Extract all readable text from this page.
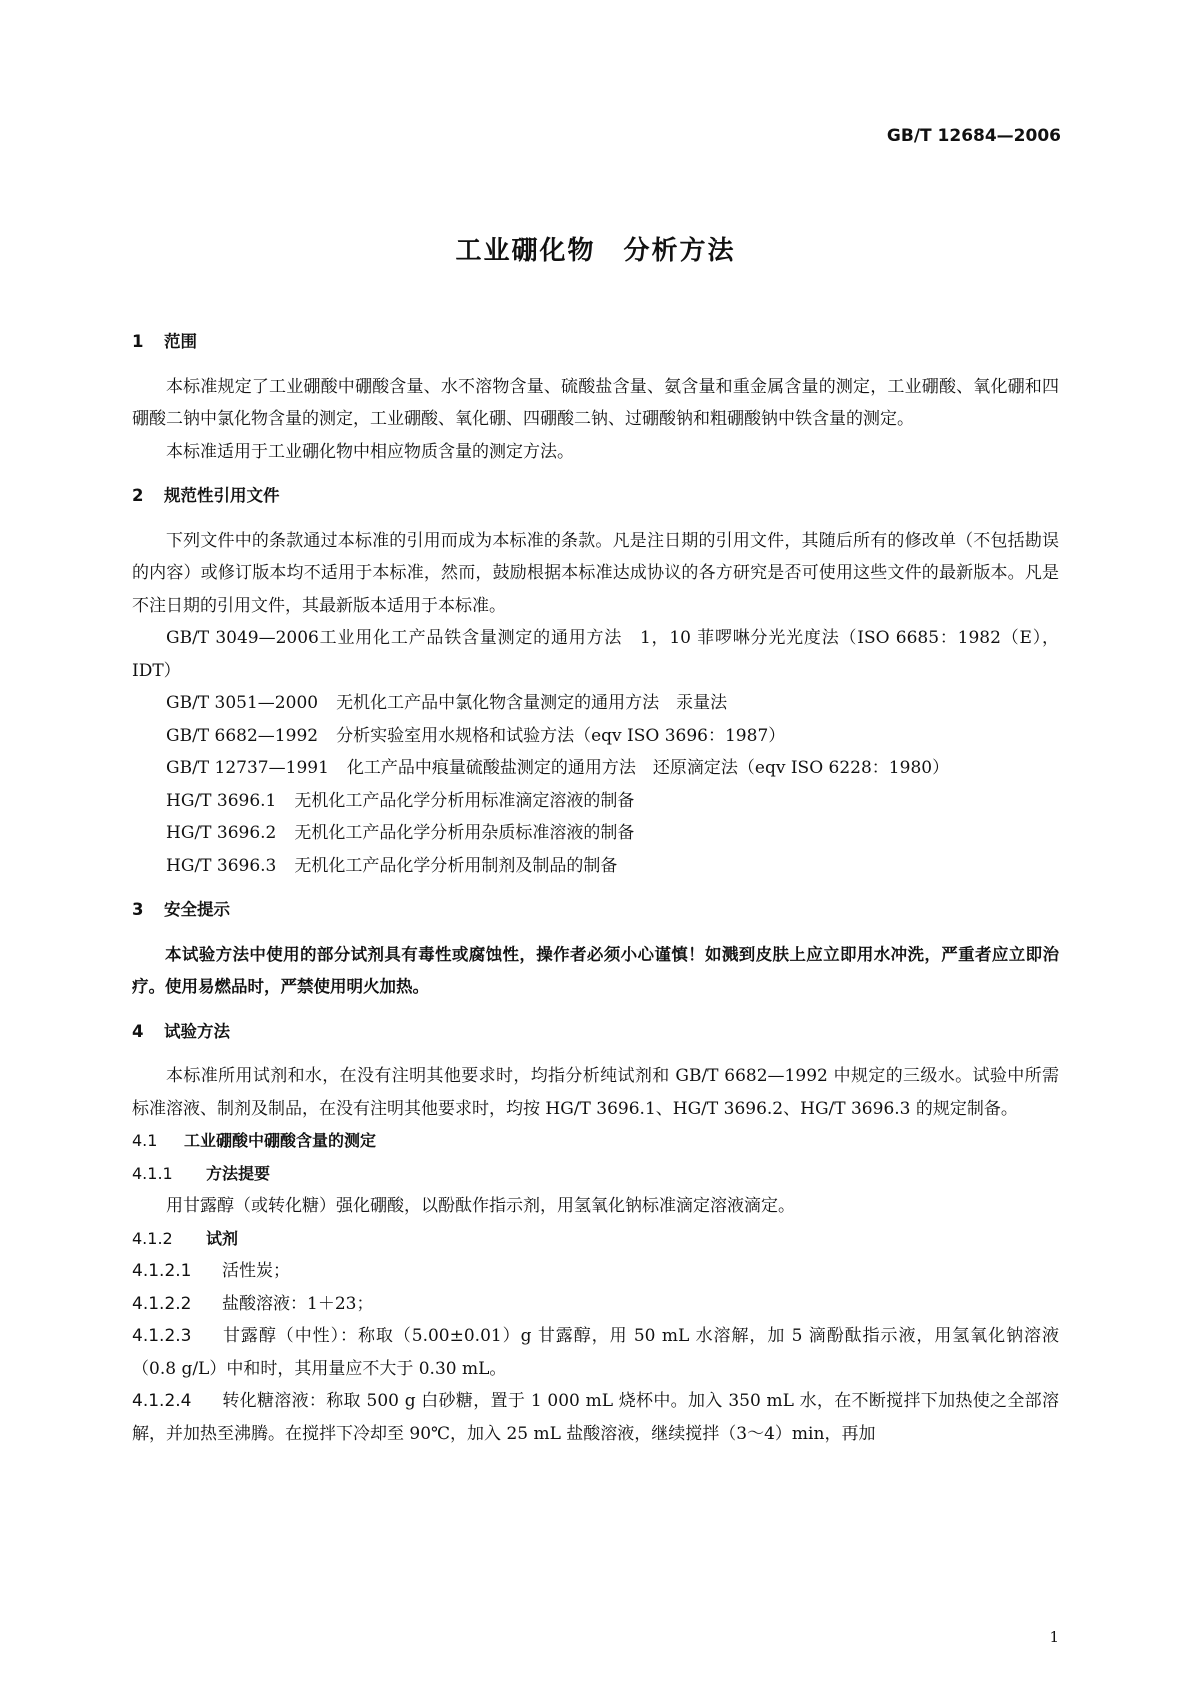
GB/T 12684—2006
工业硼化物　分析方法
1 范围
本标准规定了工业硼酸中硼酸含量、水不溶物含量、硫酸盐含量、氨含量和重金属含量的测定，工业硼酸、氧化硼和四硼酸二钠中氯化物含量的测定，工业硼酸、氧化硼、四硼酸二钠、过硼酸钠和粗硼酸钠中铁含量的测定。
本标准适用于工业硼化物中相应物质含量的测定方法。
2 规范性引用文件
下列文件中的条款通过本标准的引用而成为本标准的条款。凡是注日期的引用文件，其随后所有的修改单（不包括勘误的内容）或修订版本均不适用于本标准，然而，鼓励根据本标准达成协议的各方研究是否可使用这些文件的最新版本。凡是不注日期的引用文件，其最新版本适用于本标准。
GB/T 3049—2006工业用化工产品铁含量测定的通用方法　1，10 菲啰啉分光光度法（ISO 6685：1982（E），IDT）
GB/T 3051—2000 无机化工产品中氯化物含量测定的通用方法　汞量法
GB/T 6682—1992 分析实验室用水规格和试验方法（eqv ISO 3696：1987）
GB/T 12737—1991 化工产品中痕量硫酸盐测定的通用方法　还原滴定法（eqv ISO 6228：1980）
HG/T 3696.1 无机化工产品化学分析用标准滴定溶液的制备
HG/T 3696.2 无机化工产品化学分析用杂质标准溶液的制备
HG/T 3696.3 无机化工产品化学分析用制剂及制品的制备
3 安全提示
本试验方法中使用的部分试剂具有毒性或腐蚀性，操作者必须小心谨慎！如溅到皮肤上应立即用水冲洗，严重者应立即治疗。使用易燃品时，严禁使用明火加热。
4 试验方法
本标准所用试剂和水，在没有注明其他要求时，均指分析纯试剂和 GB/T 6682—1992 中规定的三级水。试验中所需标准溶液、制剂及制品，在没有注明其他要求时，均按 HG/T 3696.1、HG/T 3696.2、HG/T 3696.3 的规定制备。
4.1 工业硼酸中硼酸含量的测定
4.1.1 方法提要
用甘露醇（或转化糖）强化硼酸，以酚酞作指示剂，用氢氧化钠标准滴定溶液滴定。
4.1.2 试剂
4.1.2.1 活性炭；
4.1.2.2 盐酸溶液：1＋23；
4.1.2.3 甘露醇（中性）：称取（5.00±0.01）g 甘露醇，用 50 mL 水溶解，加 5 滴酚酞指示液，用氢氧化钠溶液（0.8 g/L）中和时，其用量应不大于 0.30 mL。
4.1.2.4 转化糖溶液：称取 500 g 白砂糖，置于 1 000 mL 烧杯中。加入 350 mL 水，在不断搅拌下加热使之全部溶解，并加热至沸腾。在搅拌下冷却至 90℃，加入 25 mL 盐酸溶液，继续搅拌（3～4）min，再加
1
